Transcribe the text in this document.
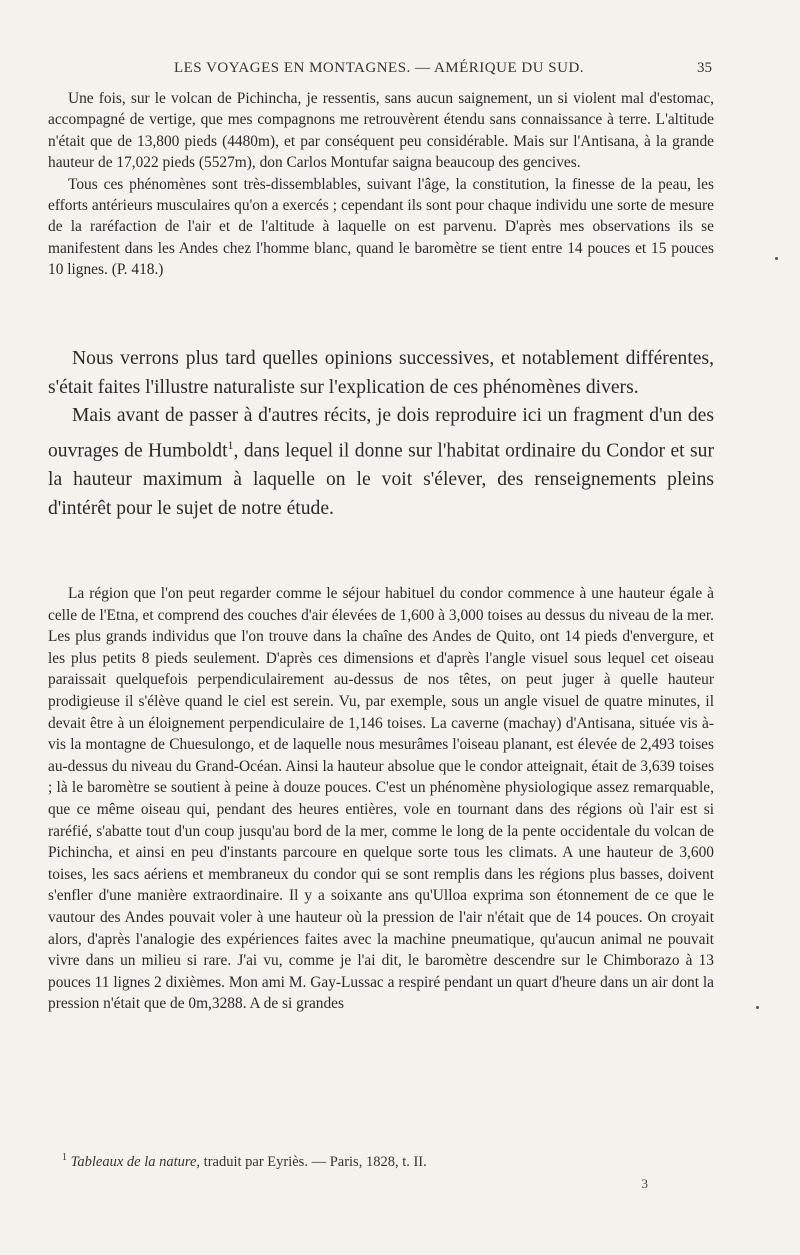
LES VOYAGES EN MONTAGNES. — AMÉRIQUE DU SUD.	35

Une fois, sur le volcan de Pichincha, je ressentis, sans aucun saignement, un si violent mal d'estomac, accompagné de vertige, que mes compagnons me retrouvèrent étendu sans connaissance à terre. L'altitude n'était que de 13,800 pieds (4480m), et par conséquent peu considérable. Mais sur l'Antisana, à la grande hauteur de 17,022 pieds (5527m), don Carlos Montufar saigna beaucoup des gencives.

Tous ces phénomènes sont très-dissemblables, suivant l'âge, la constitution, la finesse de la peau, les efforts antérieurs musculaires qu'on a exercés ; cependant ils sont pour chaque individu une sorte de mesure de la raréfaction de l'air et de l'altitude à laquelle on est parvenu. D'après mes observations ils se manifestent dans les Andes chez l'homme blanc, quand le baromètre se tient entre 14 pouces et 15 pouces 10 lignes. (P. 418.)

Nous verrons plus tard quelles opinions successives, et notablement différentes, s'était faites l'illustre naturaliste sur l'explication de ces phénomènes divers.

Mais avant de passer à d'autres récits, je dois reproduire ici un fragment d'un des ouvrages de Humboldt$^1$, dans lequel il donne sur l'habitat ordinaire du Condor et sur la hauteur maximum à laquelle on le voit s'élever, des renseignements pleins d'intérêt pour le sujet de notre étude.

La région que l'on peut regarder comme le séjour habituel du condor commence à une hauteur égale à celle de l'Etna, et comprend des couches d'air élevées de 1,600 à 3,000 toises au dessus du niveau de la mer. Les plus grands individus que l'on trouve dans la chaîne des Andes de Quito, ont 14 pieds d'envergure, et les plus petits 8 pieds seulement. D'après ces dimensions et d'après l'angle visuel sous lequel cet oiseau paraissait quelquefois perpendiculairement au-dessus de nos têtes, on peut juger à quelle hauteur prodigieuse il s'élève quand le ciel est serein. Vu, par exemple, sous un angle visuel de quatre minutes, il devait être à un éloignement perpendiculaire de 1,146 toises. La caverne (machay) d'Antisana, située vis à-vis la montagne de Chuesulongo, et de laquelle nous mesurâmes l'oiseau planant, est élevée de 2,493 toises au-dessus du niveau du Grand-Océan. Ainsi la hauteur absolue que le condor atteignait, était de 3,639 toises ; là le baromètre se soutient à peine à douze pouces. C'est un phénomène physiologique assez remarquable, que ce même oiseau qui, pendant des heures entières, vole en tournant dans des régions où l'air est si raréfié, s'abatte tout d'un coup jusqu'au bord de la mer, comme le long de la pente occidentale du volcan de Pichincha, et ainsi en peu d'instants parcoure en quelque sorte tous les climats. A une hauteur de 3,600 toises, les sacs aériens et membraneux du condor qui se sont remplis dans les régions plus basses, doivent s'enfler d'une manière extraordinaire. Il y a soixante ans qu'Ulloa exprima son étonnement de ce que le vautour des Andes pouvait voler à une hauteur où la pression de l'air n'était que de 14 pouces. On croyait alors, d'après l'analogie des expériences faites avec la machine pneumatique, qu'aucun animal ne pouvait vivre dans un milieu si rare. J'ai vu, comme je l'ai dit, le baromètre descendre sur le Chimborazo à 13 pouces 11 lignes 2 dixièmes. Mon ami M. Gay-Lussac a respiré pendant un quart d'heure dans un air dont la pression n'était que de 0m,3288. A de si grandes

$^1$ Tableaux de la nature, traduit par Eyriès. — Paris, 1828, t. II.
3
